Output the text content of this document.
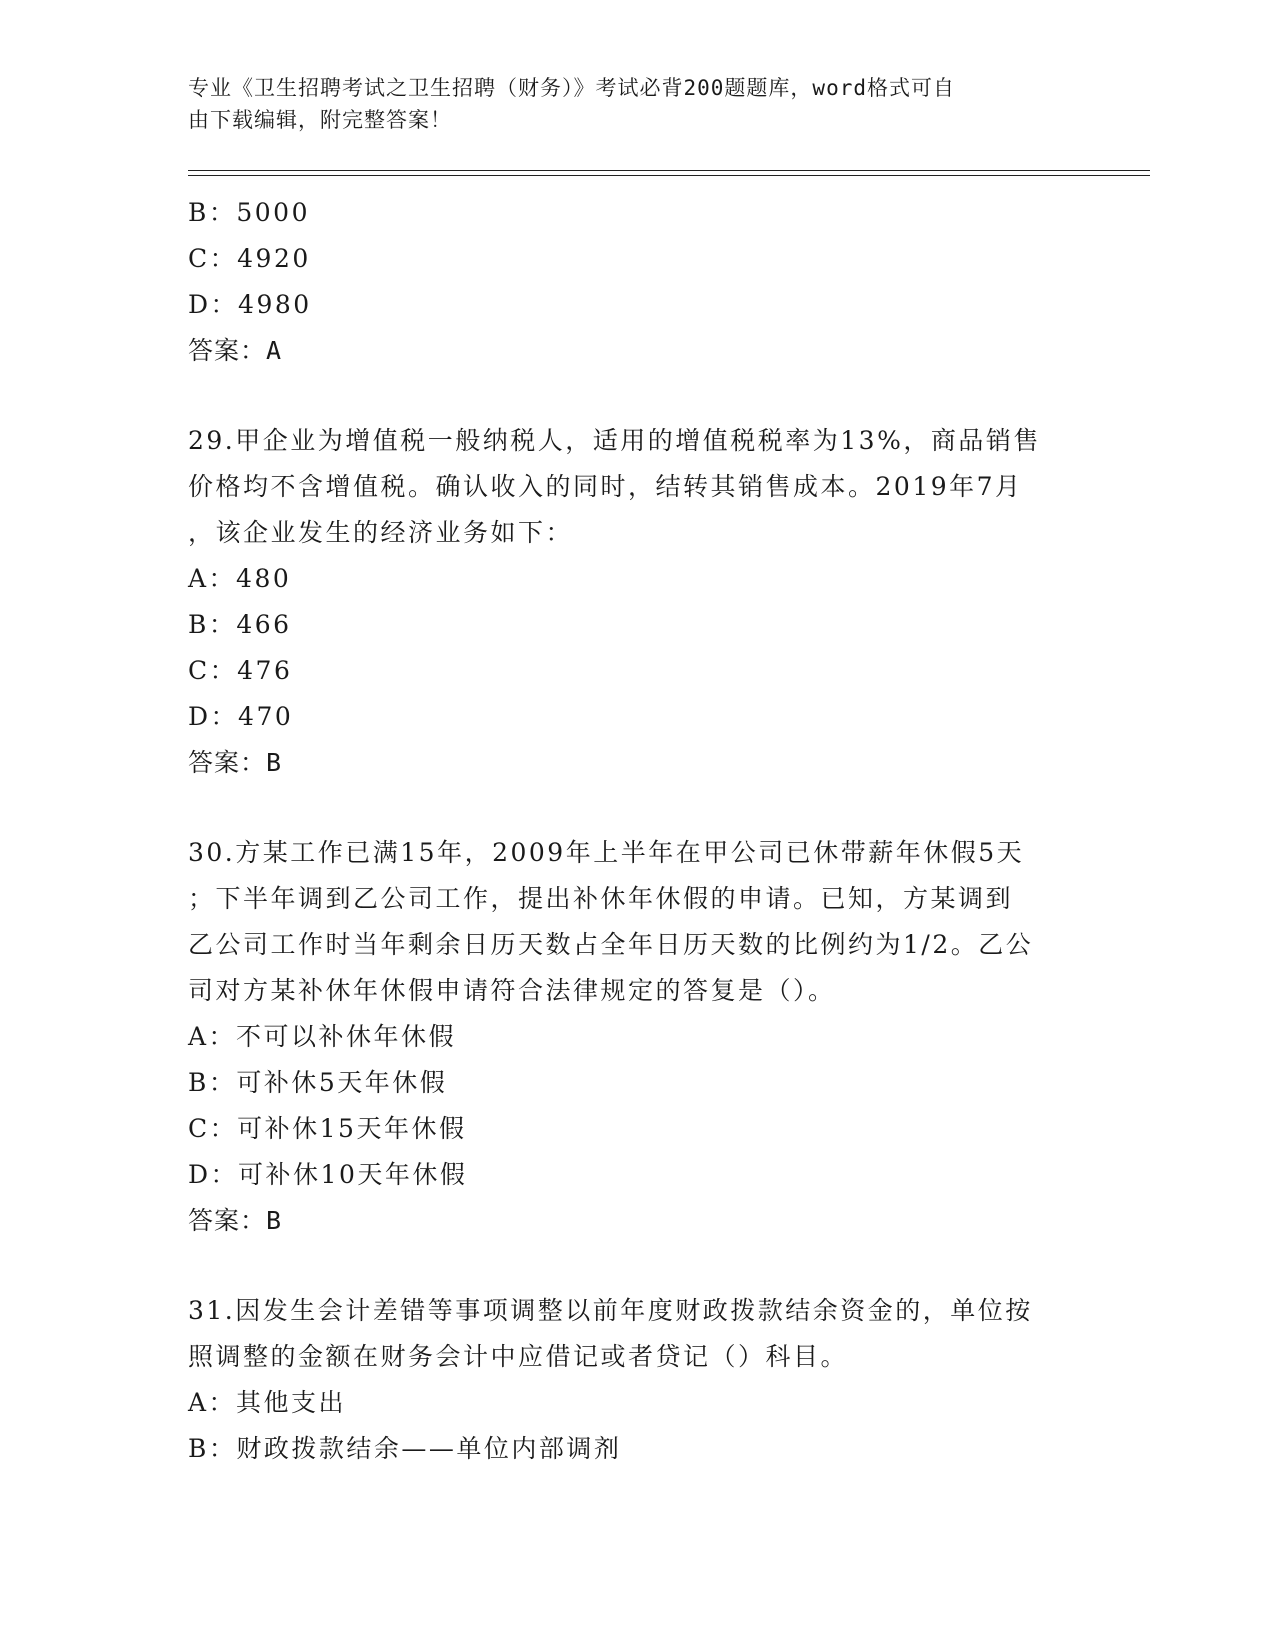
专业《卫生招聘考试之卫生招聘（财务）》考试必背200题题库，word格式可自
由下载编辑，附完整答案！
B：5000
C：4920
D：4980
答案：A
29.甲企业为增值税一般纳税人，适用的增值税税率为13%，商品销售
价格均不含增值税。确认收入的同时，结转其销售成本。2019年7月
，该企业发生的经济业务如下：
A：480
B：466
C：476
D：470
答案：B
30.方某工作已满15年，2009年上半年在甲公司已休带薪年休假5天
；下半年调到乙公司工作，提出补休年休假的申请。已知，方某调到
乙公司工作时当年剩余日历天数占全年日历天数的比例约为1/2。乙公
司对方某补休年休假申请符合法律规定的答复是（）。
A：不可以补休年休假
B：可补休5天年休假
C：可补休15天年休假
D：可补休10天年休假
答案：B
31.因发生会计差错等事项调整以前年度财政拨款结余资金的，单位按
照调整的金额在财务会计中应借记或者贷记（）科目。
A：其他支出
B：财政拨款结余——单位内部调剂
